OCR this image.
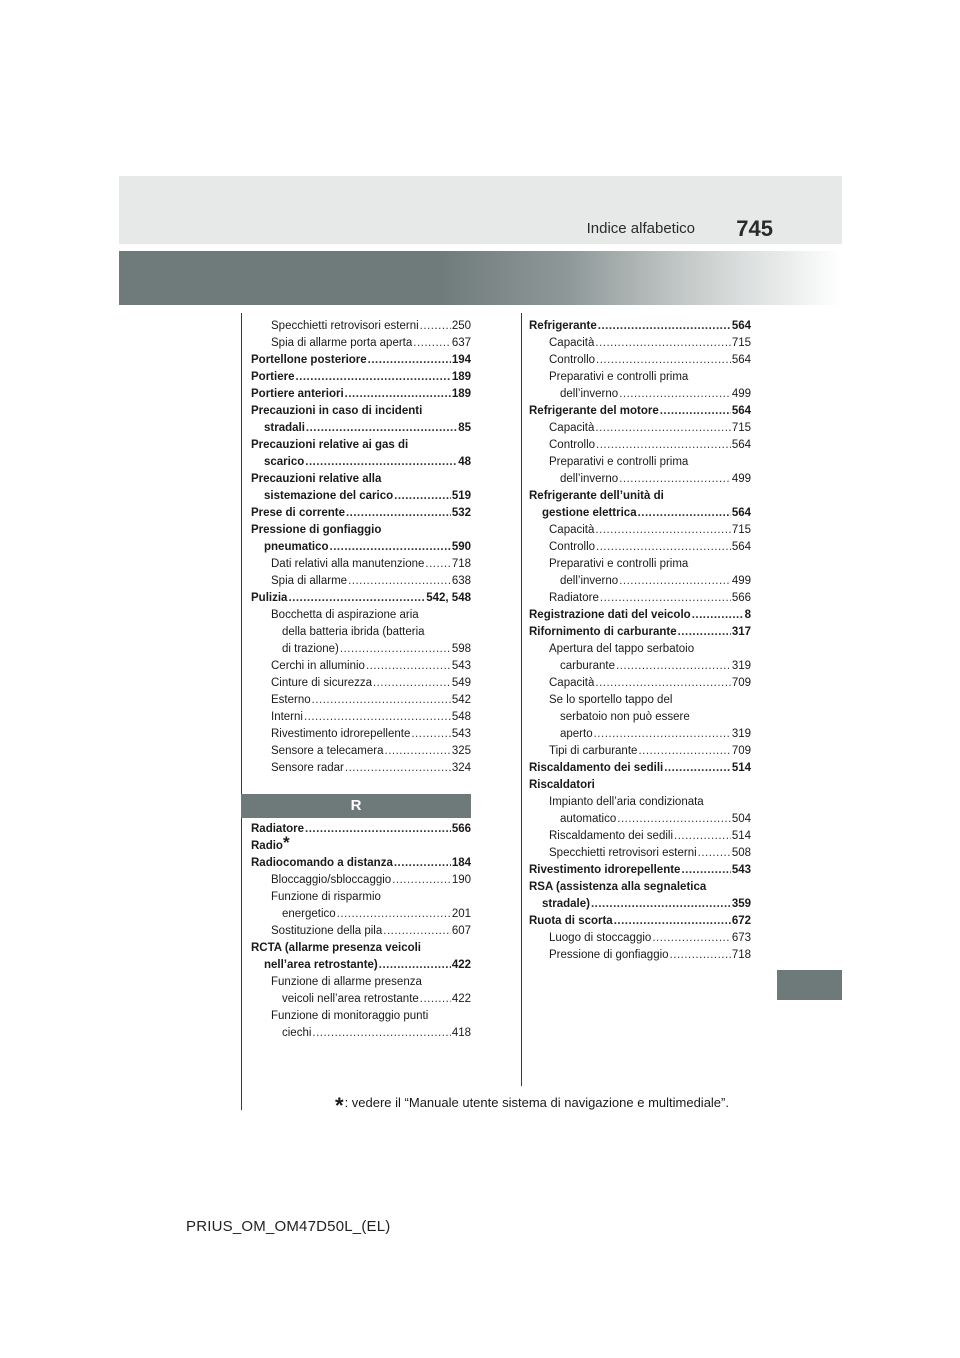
Indice alfabetico 745
Specchietti retrovisori esterni .....	250
Spia di allarme porta aperta .....	637
Portellone posteriore .....	194
Portiere .....	189
Portiere anteriori .....	189
Precauzioni in caso di incidenti
stradali .....	85
Precauzioni relative ai gas di
scarico .....	48
Precauzioni relative alla
sistemazione del carico .....	519
Prese di corrente .....	532
Pressione di gonfiaggio
pneumatico .....	590
Dati relativi alla manutenzione ..... 718
Spia di allarme .....	638
Pulizia .....	542, 548
Bocchetta di aspirazione aria
della batteria ibrida (batteria
di trazione) .....	598
Cerchi in alluminio .....	543
Cinture di sicurezza .....	549
Esterno .....	542
Interni .....	548
Rivestimento idrorepellente .....	543
Sensore a telecamera .....	325
Sensore radar .....	324
R
Radiatore .....	566
Radio*
Radiocomando a distanza .....	184
Bloccaggio/sbloccaggio .....	190
Funzione di risparmio
energetico .....	201
Sostituzione della pila .....	607
RCTA (allarme presenza veicoli
nell’area retrostante) .....	422
Funzione di allarme presenza
veicoli nell’area retrostante .....	422
Funzione di monitoraggio punti
ciechi .....	418
Refrigerante .....	564
Capacità .....	715
Controllo .....	564
Preparativi e controlli prima
dell’inverno .....	499
Refrigerante del motore .....	564
Capacità .....	715
Controllo .....	564
Preparativi e controlli prima
dell’inverno .....	499
Refrigerante dell’unità di
gestione elettrica .....	564
Capacità .....	715
Controllo .....	564
Preparativi e controlli prima
dell’inverno .....	499
Radiatore .....	566
Registrazione dati del veicolo .....	8
Rifornimento di carburante .....	317
Apertura del tappo serbatoio
carburante .....	319
Capacità .....	709
Se lo sportello tappo del
serbatoio non può essere
aperto .....	319
Tipi di carburante .....	709
Riscaldamento dei sedili .....	514
Riscaldatori
Impianto dell’aria condizionata
automatico .....	504
Riscaldamento dei sedili .....	514
Specchietti retrovisori esterni .....	508
Rivestimento idrorepellente .....	543
RSA (assistenza alla segnaletica
stradale) .....	359
Ruota di scorta .....	672
Luogo di stoccaggio .....	673
Pressione di gonfiaggio .....	718
*: vedere il “Manuale utente sistema di navigazione e multimediale”.
PRIUS_OM_OM47D50L_(EL)
